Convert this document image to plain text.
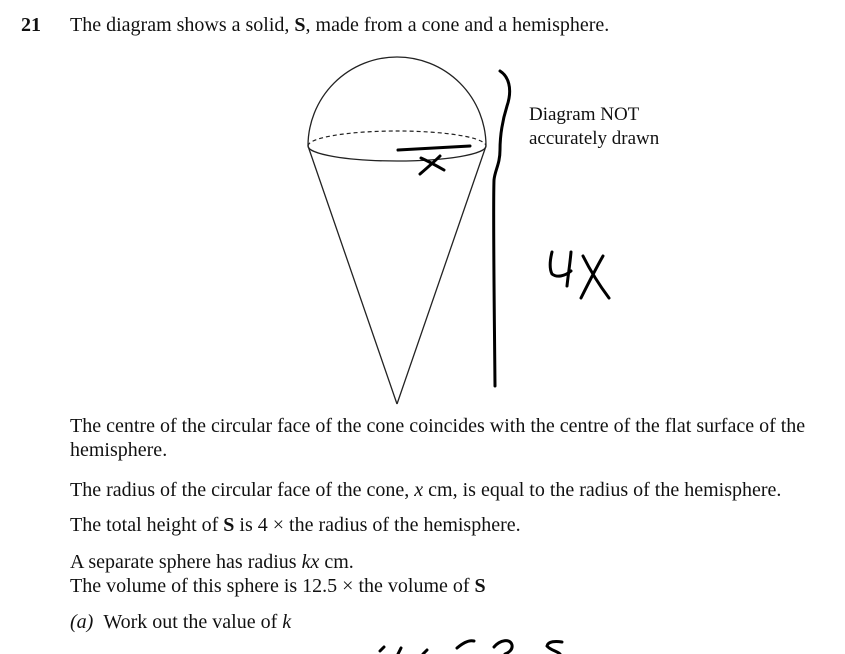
21 The diagram shows a solid, S, made from a cone and a hemisphere.
Diagram NOT
accurately drawn

The centre of the circular face of the cone coincides with the centre of the flat surface of the hemisphere.

The radius of the circular face of the cone, x cm, is equal to the radius of the hemisphere.

The total height of S is 4 × the radius of the hemisphere.

A separate sphere has radius kx cm.
The volume of this sphere is 12.5 × the volume of S

(a) Work out the value of k
